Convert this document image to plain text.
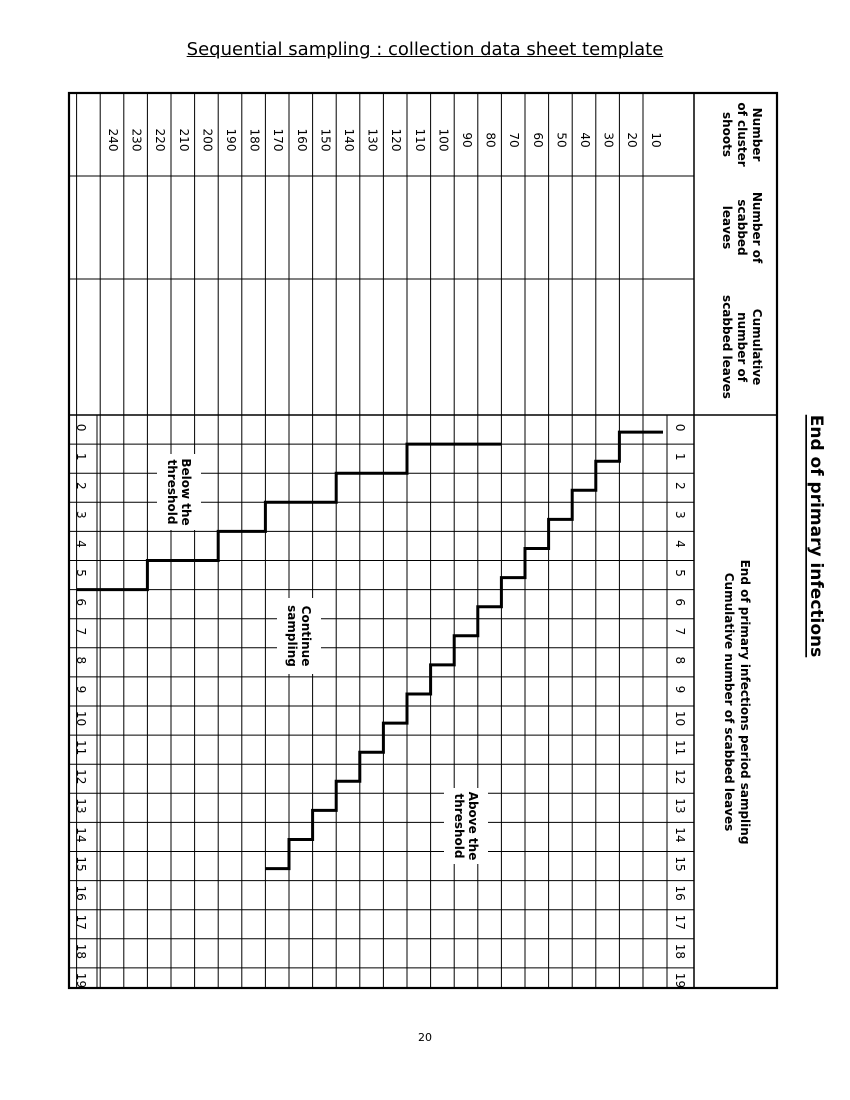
Sequential sampling : collection data sheet template
Number
of cluster
shoots
Number of
scabbed
leaves
Cumulative
number of
scabbed leaves
End of primary infections
End of primary infections period sampling
Cumulative number of scabbed leaves
10
20
30
40
50
60
70
80
90
100
110
120
130
140
150
160
170
180
190
200
210
220
230
240
0
0
1
1
2
2
3
3
4
4
5
5
6
6
7
7
8
8
9
9
10
10
11
11
12
12
13
13
14
14
15
15
16
16
17
17
18
18
19
19
Above the
threshold
Continue
sampling
Below the
threshold
20
